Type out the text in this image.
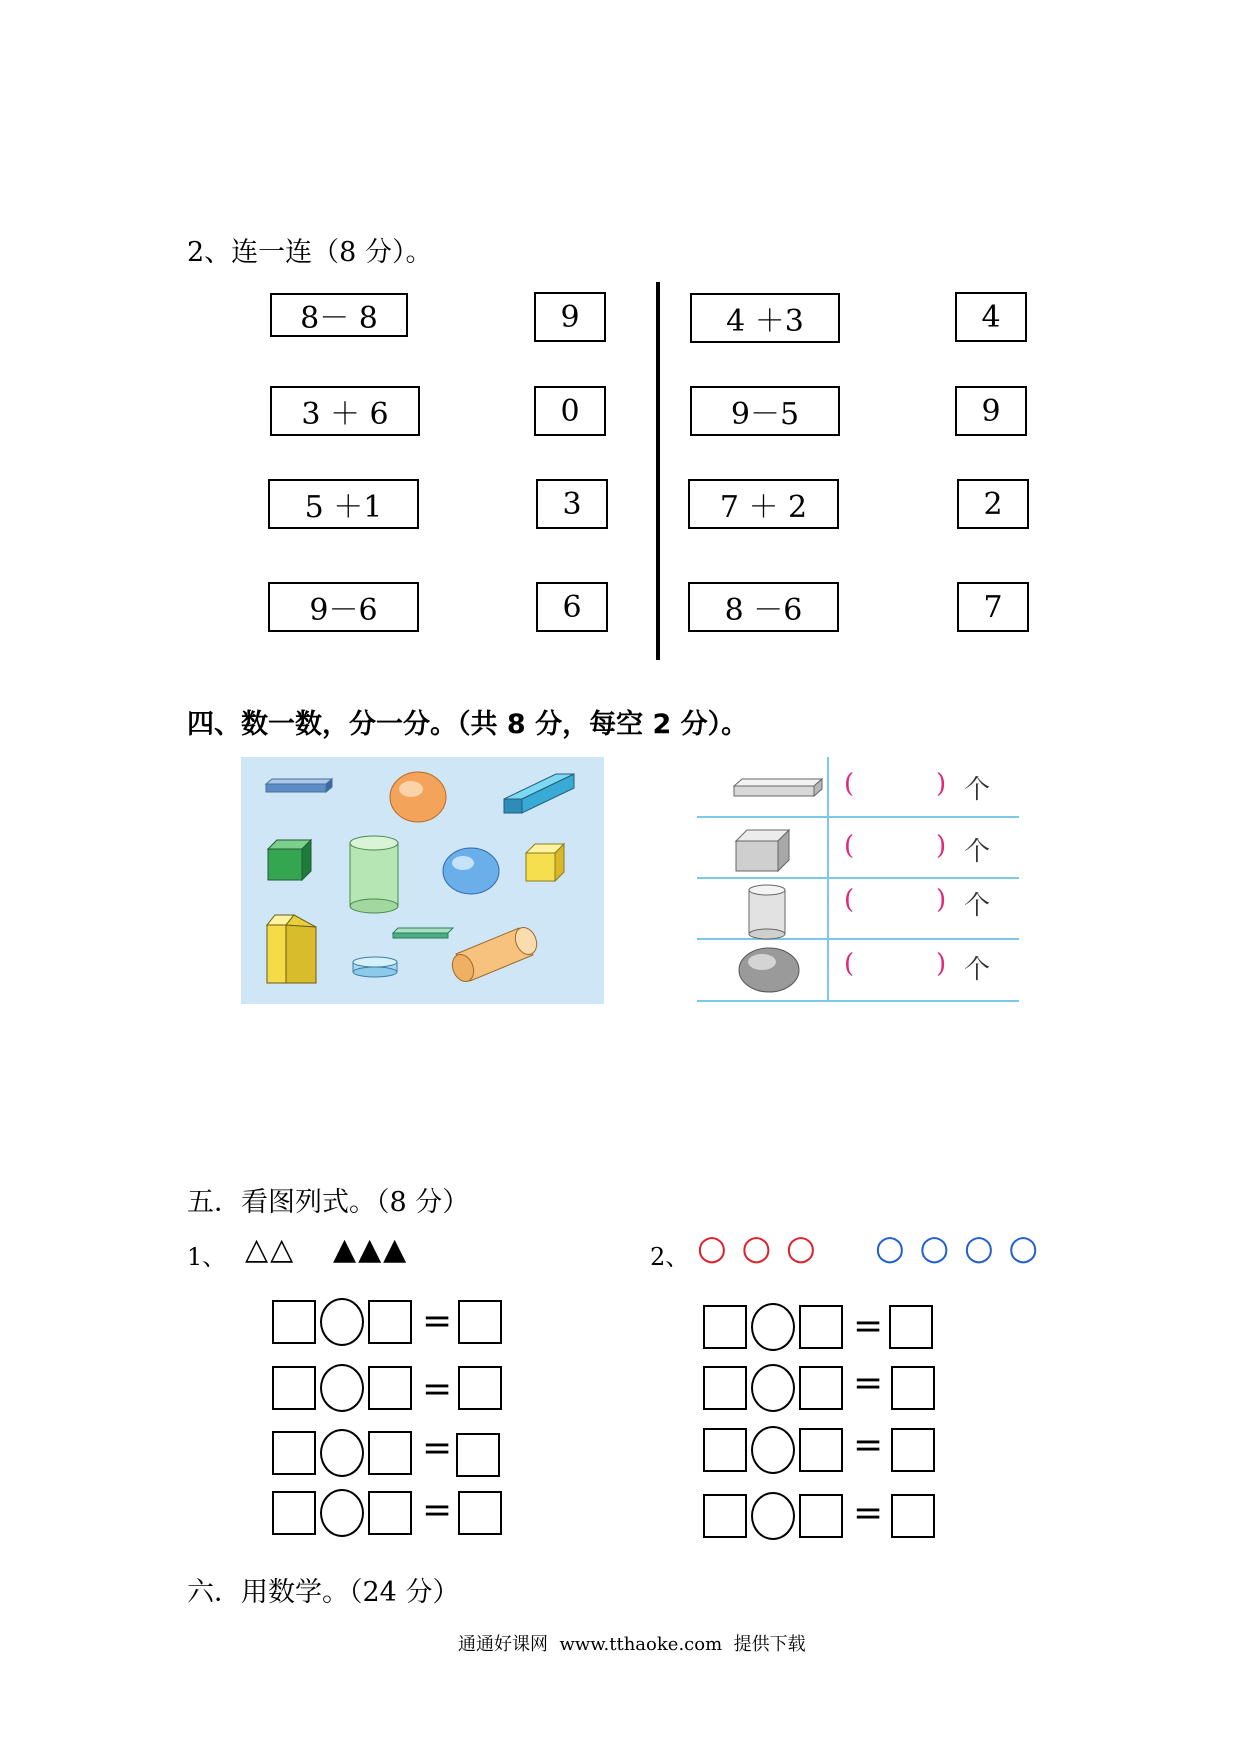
2、连一连（8 分）。
8－ 8
3 ＋ 6
5 ＋1
9－6
9
0
3
6
4 ＋3
9－5
7 ＋ 2
8 －6
4
9
2
7
四、数一数，分一分。（共 8 分，每空 2 分）。
(	) 个
(	) 个
(	) 个
(	) 个
五．看图列式。（8 分）
1、 △△ ▲▲▲	2、 ○ ○ ○ ○ ○ ○ ○
=
=
=
=
=
=
=
=
六．用数学。（24 分）
通通好课网  www.tthaoke.com  提供下载
